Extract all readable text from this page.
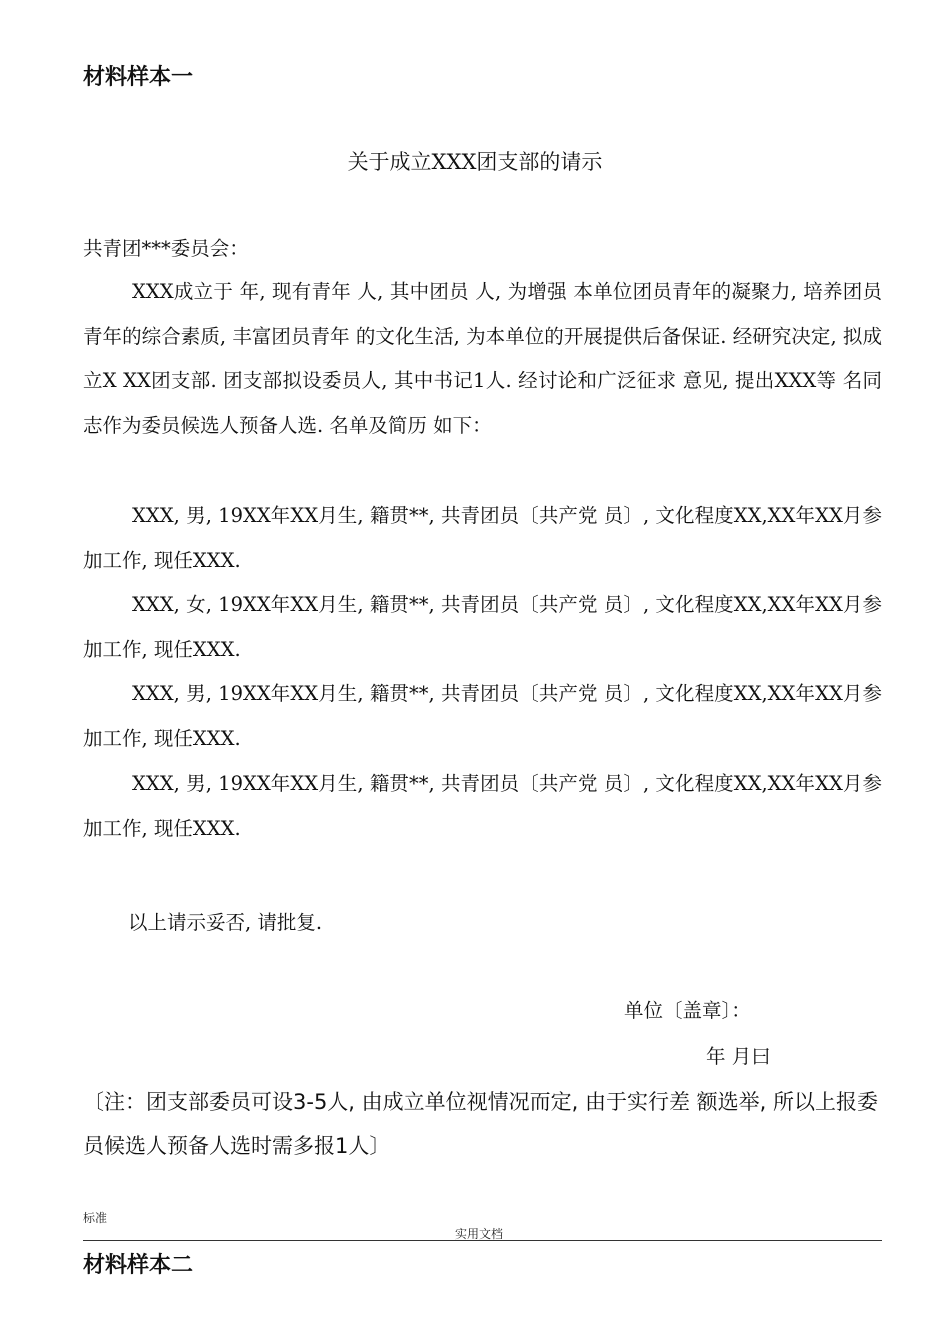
材料样本一
关于成立XXX团支部的请示
共青团***委员会：
XXX成立于 年, 现有青年 人, 其中团员 人, 为增强 本单位团员青年的凝聚力, 培养团员青年的综合素质, 丰富团员青年 的文化生活, 为本单位的开展提供后备保证. 经研究决定, 拟成立X XX团支部. 团支部拟设委员人, 其中书记1人. 经讨论和广泛征求 意见, 提出XXX等 名同志作为委员候选人预备人选. 名单及简历 如下：
XXX, 男, 19XX年XX月生, 籍贯**, 共青团员〔共产党 员〕, 文化程度XX,XX年XX月参加工作, 现任XXX.
XXX, 女, 19XX年XX月生, 籍贯**, 共青团员〔共产党 员〕, 文化程度XX,XX年XX月参加工作, 现任XXX.
XXX, 男, 19XX年XX月生, 籍贯**, 共青团员〔共产党 员〕, 文化程度XX,XX年XX月参加工作, 现任XXX.
XXX, 男, 19XX年XX月生, 籍贯**, 共青团员〔共产党 员〕, 文化程度XX,XX年XX月参加工作, 现任XXX.
以上请示妥否, 请批复.
单位〔盖章〕：
年 月曰
〔注：团支部委员可设3-5人, 由成立单位视情况而定, 由于实行差 额选举, 所以上报委员候选人预备人选时需多报1人〕
标准
实用文档
材料样本二
